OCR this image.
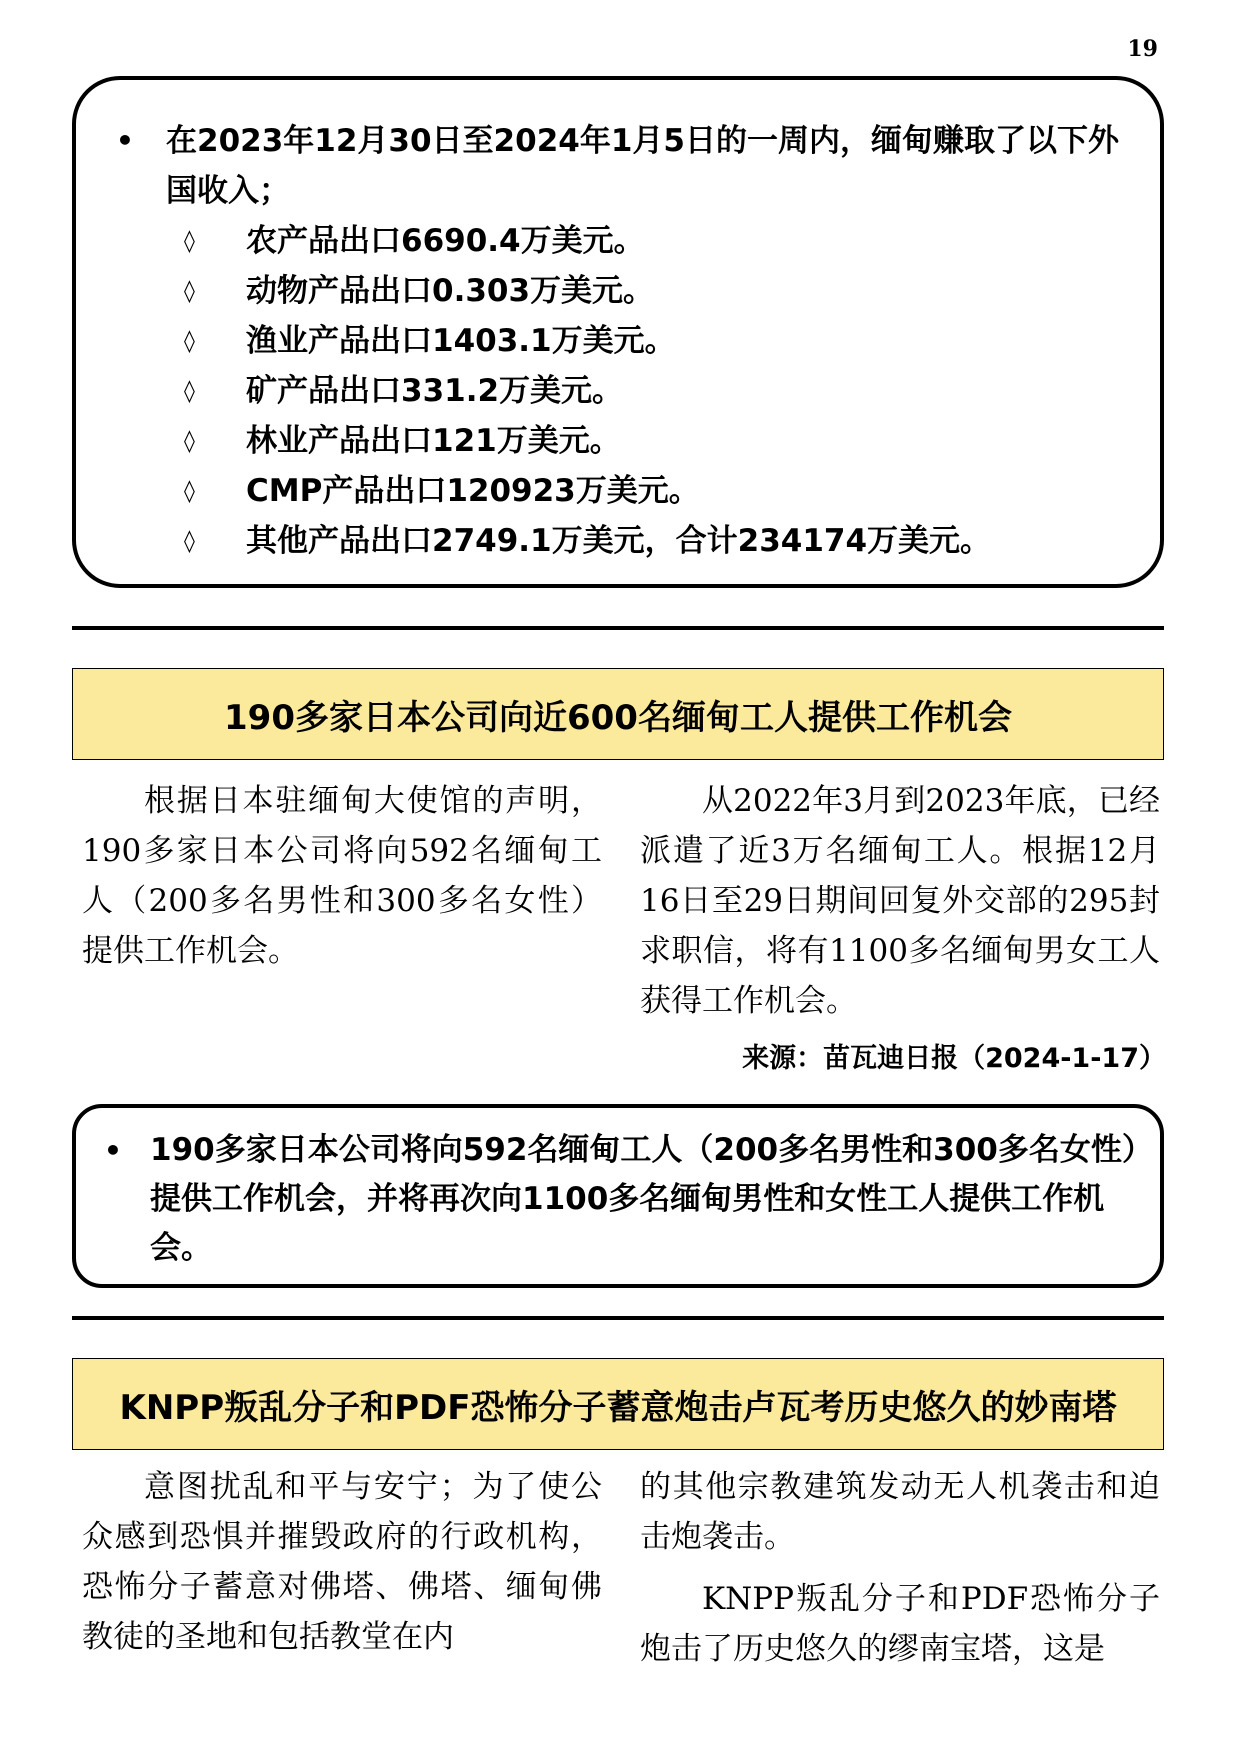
19
• 在2023年12月30日至2024年1月5日的一周内，缅甸赚取了以下外国收入；
◊ 农产品出口6690.4万美元。
◊ 动物产品出口0.303万美元。
◊ 渔业产品出口1403.1万美元。
◊ 矿产品出口331.2万美元。
◊ 林业产品出口121万美元。
◊ CMP产品出口120923万美元。
◊ 其他产品出口2749.1万美元，合计234174万美元。
190多家日本公司向近600名缅甸工人提供工作机会

根据日本驻缅甸大使馆的声明，190多家日本公司将向592名缅甸工人（200多名男性和300多名女性）提供工作机会。

从2022年3月到2023年底，已经派遣了近3万名缅甸工人。根据12月16日至29日期间回复外交部的295封求职信，将有1100多名缅甸男女工人获得工作机会。

来源：苗瓦迪日报（2024-1-17）
• 190多家日本公司将向592名缅甸工人（200多名男性和300多名女性）提供工作机会，并将再次向1100多名缅甸男性和女性工人提供工作机会。
KNPP叛乱分子和PDF恐怖分子蓄意炮击卢瓦考历史悠久的妙南塔

意图扰乱和平与安宁；为了使公众感到恐惧并摧毁政府的行政机构，恐怖分子蓄意对佛塔、佛塔、缅甸佛教徒的圣地和包括教堂在内

的其他宗教建筑发动无人机袭击和迫击炮袭击。

KNPP叛乱分子和PDF恐怖分子炮击了历史悠久的缪南宝塔，这是
